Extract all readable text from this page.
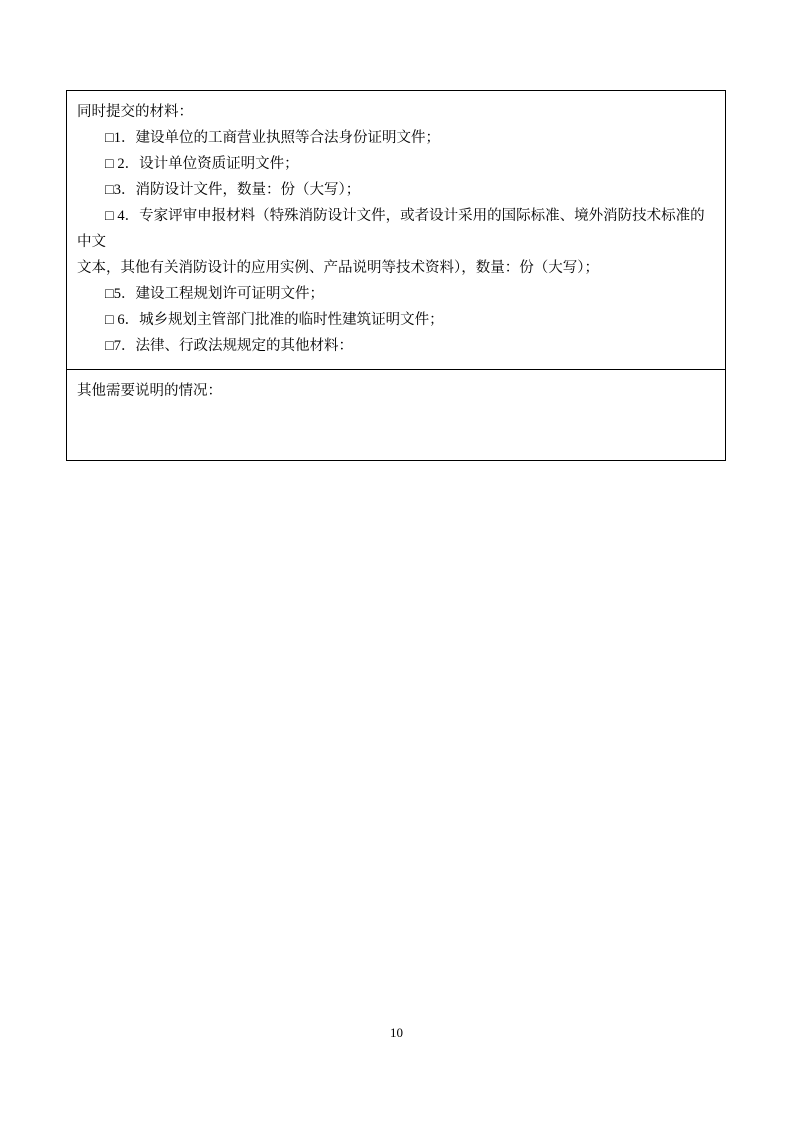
同时提交的材料：
□1．建设单位的工商营业执照等合法身份证明文件；
□ 2．设计单位资质证明文件；
□3．消防设计文件，数量：份（大写）；
□ 4．专家评审申报材料（特殊消防设计文件，或者设计采用的国际标准、境外消防技术标准的中文
文本，其他有关消防设计的应用实例、产品说明等技术资料），数量：份（大写）；
□5．建设工程规划许可证明文件；
□ 6．城乡规划主管部门批准的临时性建筑证明文件；
□7．法律、行政法规规定的其他材料：
其他需要说明的情况：
10
